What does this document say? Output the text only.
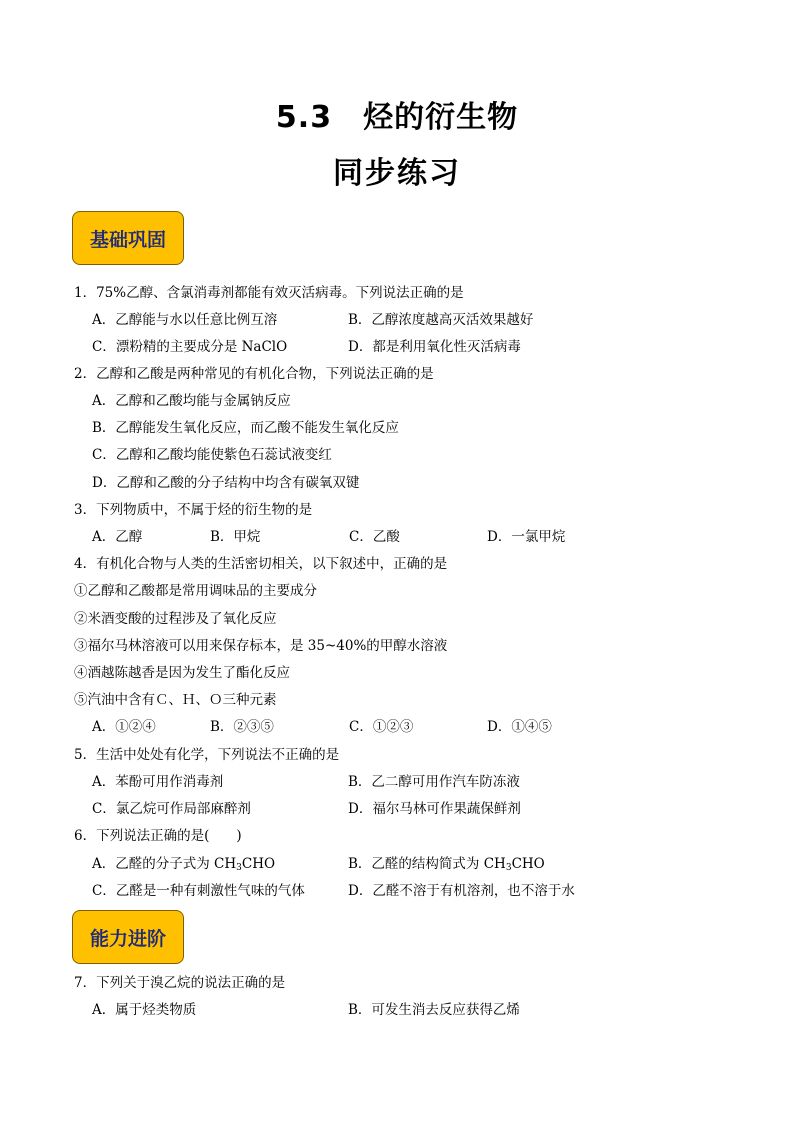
5.3　烃的衍生物
同步练习
基础巩固
1．75%乙醇、含氯消毒剂都能有效灭活病毒。下列说法正确的是
A．乙醇能与水以任意比例互溶	B．乙醇浓度越高灭活效果越好
C．漂粉精的主要成分是 NaClO	D．都是利用氧化性灭活病毒
2．乙醇和乙酸是两种常见的有机化合物，下列说法正确的是
A．乙醇和乙酸均能与金属钠反应
B．乙醇能发生氧化反应，而乙酸不能发生氧化反应
C．乙醇和乙酸均能使紫色石蕊试液变红
D．乙醇和乙酸的分子结构中均含有碳氧双键
3．下列物质中，不属于烃的衍生物的是
A．乙醇	B．甲烷	C．乙酸	D．一氯甲烷
4．有机化合物与人类的生活密切相关，以下叙述中，正确的是
①乙醇和乙酸都是常用调味品的主要成分
②米酒变酸的过程涉及了氧化反应
③福尔马林溶液可以用来保存标本，是 35~40%的甲醇水溶液
④酒越陈越香是因为发生了酯化反应
⑤汽油中含有Ｃ、Ｈ、Ｏ三种元素
A．①②④	B．②③⑤	C．①②③	D．①④⑤
5．生活中处处有化学，下列说法不正确的是
A．苯酚可用作消毒剂	B．乙二醇可用作汽车防冻液
C．氯乙烷可作局部麻醉剂	D．福尔马林可作果蔬保鲜剂
6．下列说法正确的是(　　)
A．乙醛的分子式为 $CH_3CHO$	B．乙醛的结构简式为 $CH_3CHO$
C．乙醛是一种有刺激性气味的气体	D．乙醛不溶于有机溶剂，也不溶于水
能力进阶
7．下列关于溴乙烷的说法正确的是
A．属于烃类物质	B．可发生消去反应获得乙烯
